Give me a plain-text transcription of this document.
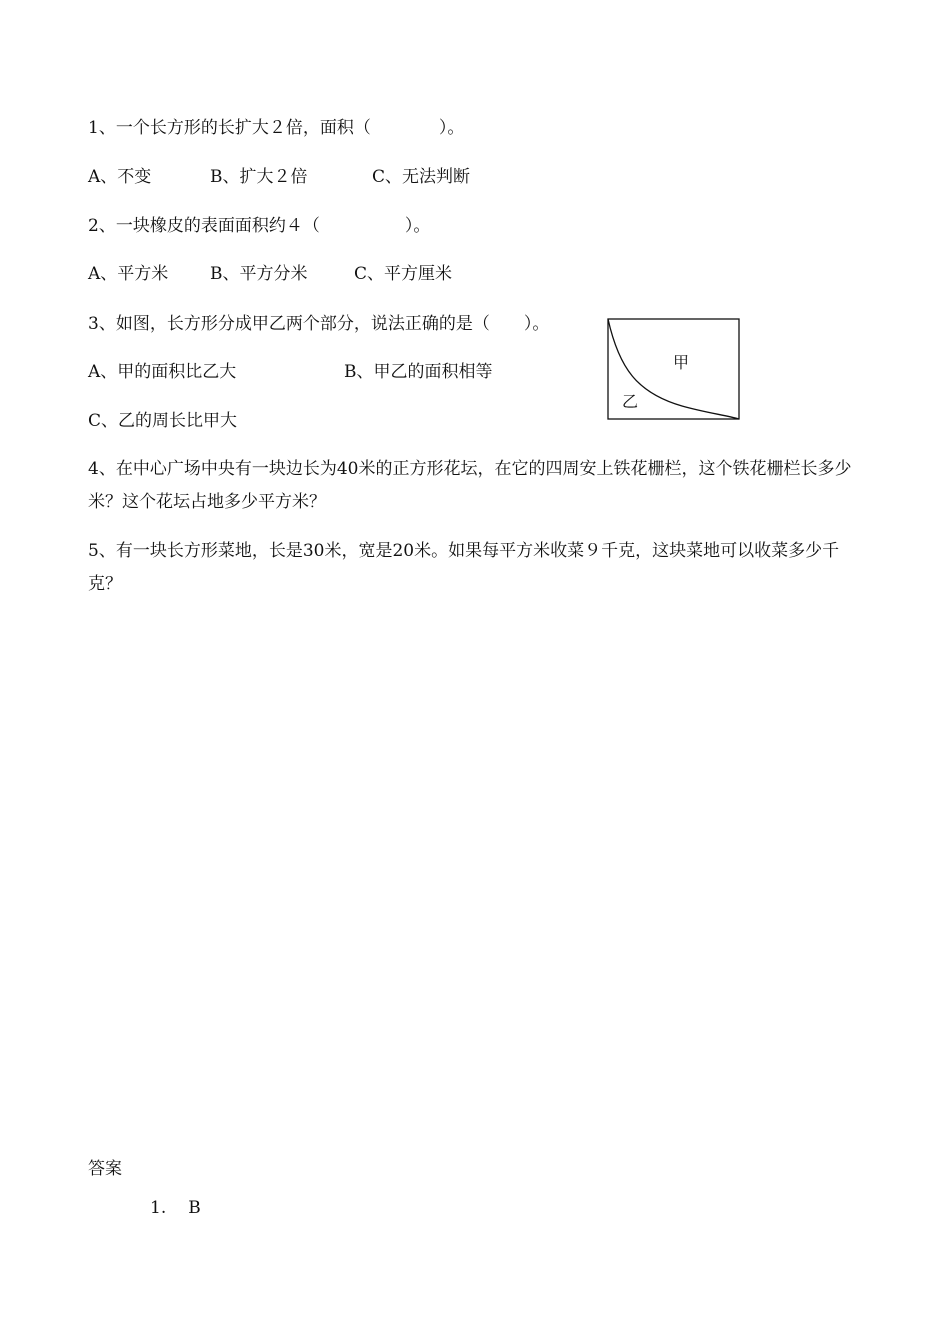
1、一个长方形的长扩大２倍，面积（　　　　）。
A、不变	B、扩大２倍	C、无法判断
2、一块橡皮的表面面积约４（　　　　　）。
A、平方米 B、平方分米	C、平方厘米
3、如图，长方形分成甲乙两个部分，说法正确的是（　　）。
A、甲的面积比乙大	B、甲乙的面积相等
C、乙的周长比甲大
甲
乙
4、在中心广场中央有一块边长为40米的正方形花坛，在它的四周安上铁花栅栏，这个铁花栅栏长多少米？这个花坛占地多少平方米？
5、有一块长方形菜地，长是30米，宽是20米。如果每平方米收菜９千克，这块菜地可以收菜多少千克？
答案
1. B
